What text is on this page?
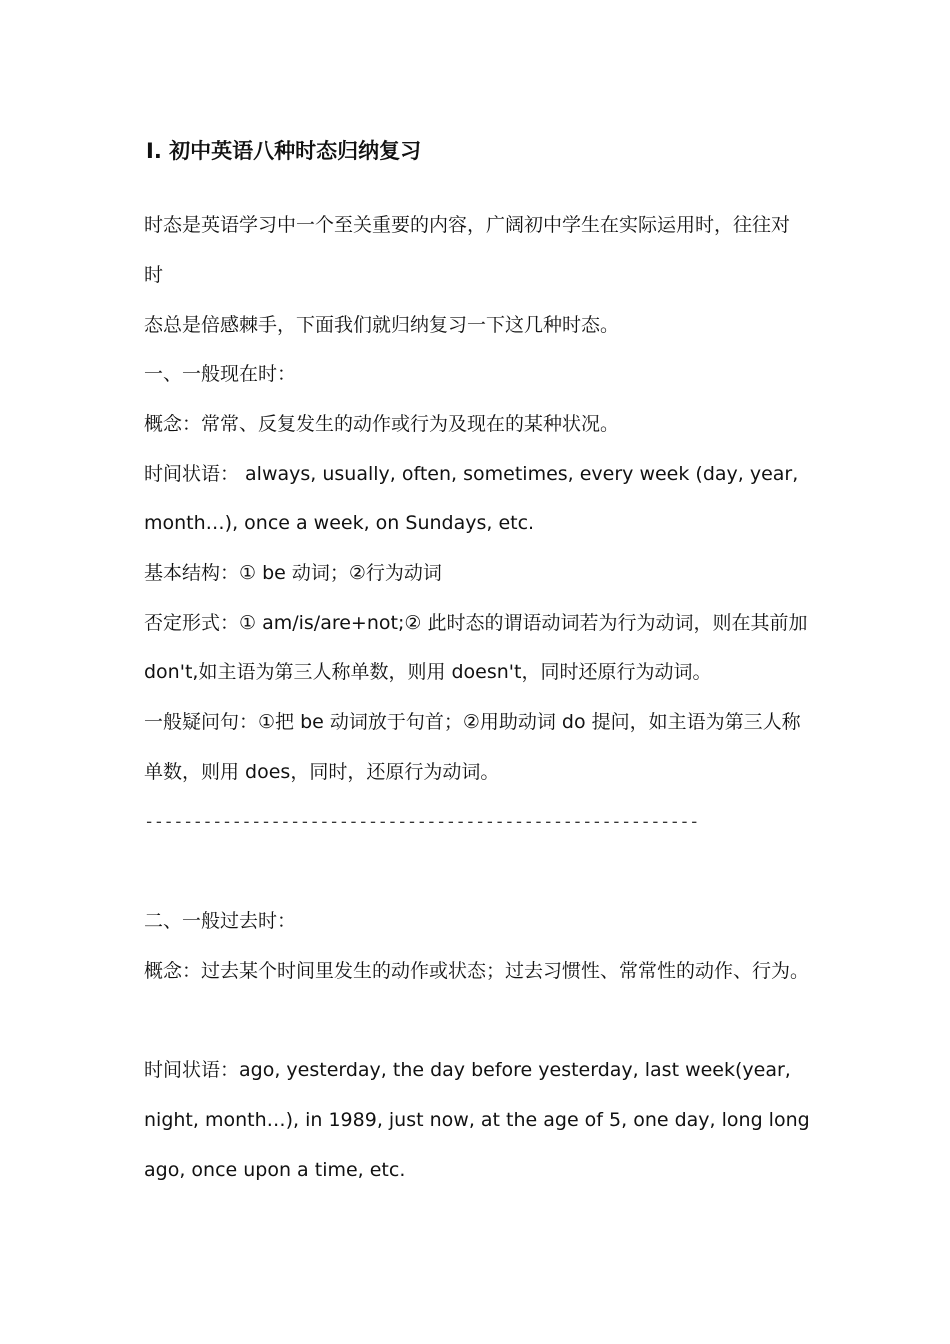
Ⅰ. 初中英语八种时态归纳复习
时态是英语学习中一个至关重要的内容，广阔初中学生在实际运用时，往往对
时
态总是倍感棘手，下面我们就归纳复习一下这几种时态。
一、一般现在时：
概念：常常、反复发生的动作或行为及现在的某种状况。
时间状语： always, usually, often, sometimes, every week (day, year,
month…), once a week, on Sundays, etc.
基本结构：① be 动词；②行为动词
否定形式：① am/is/are+not;② 此时态的谓语动词若为行为动词，则在其前加
don't,如主语为第三人称单数，则用 doesn't，同时还原行为动词。
一般疑问句：①把 be 动词放于句首；②用助动词 do 提问，如主语为第三人称
单数，则用 does，同时，还原行为动词。
---------------------------------------------------------
二、一般过去时：
概念：过去某个时间里发生的动作或状态；过去习惯性、常常性的动作、行为。
时间状语：ago, yesterday, the day before yesterday, last week(year,
night, month…), in 1989, just now, at the age of 5, one day, long long
ago, once upon a time, etc.
